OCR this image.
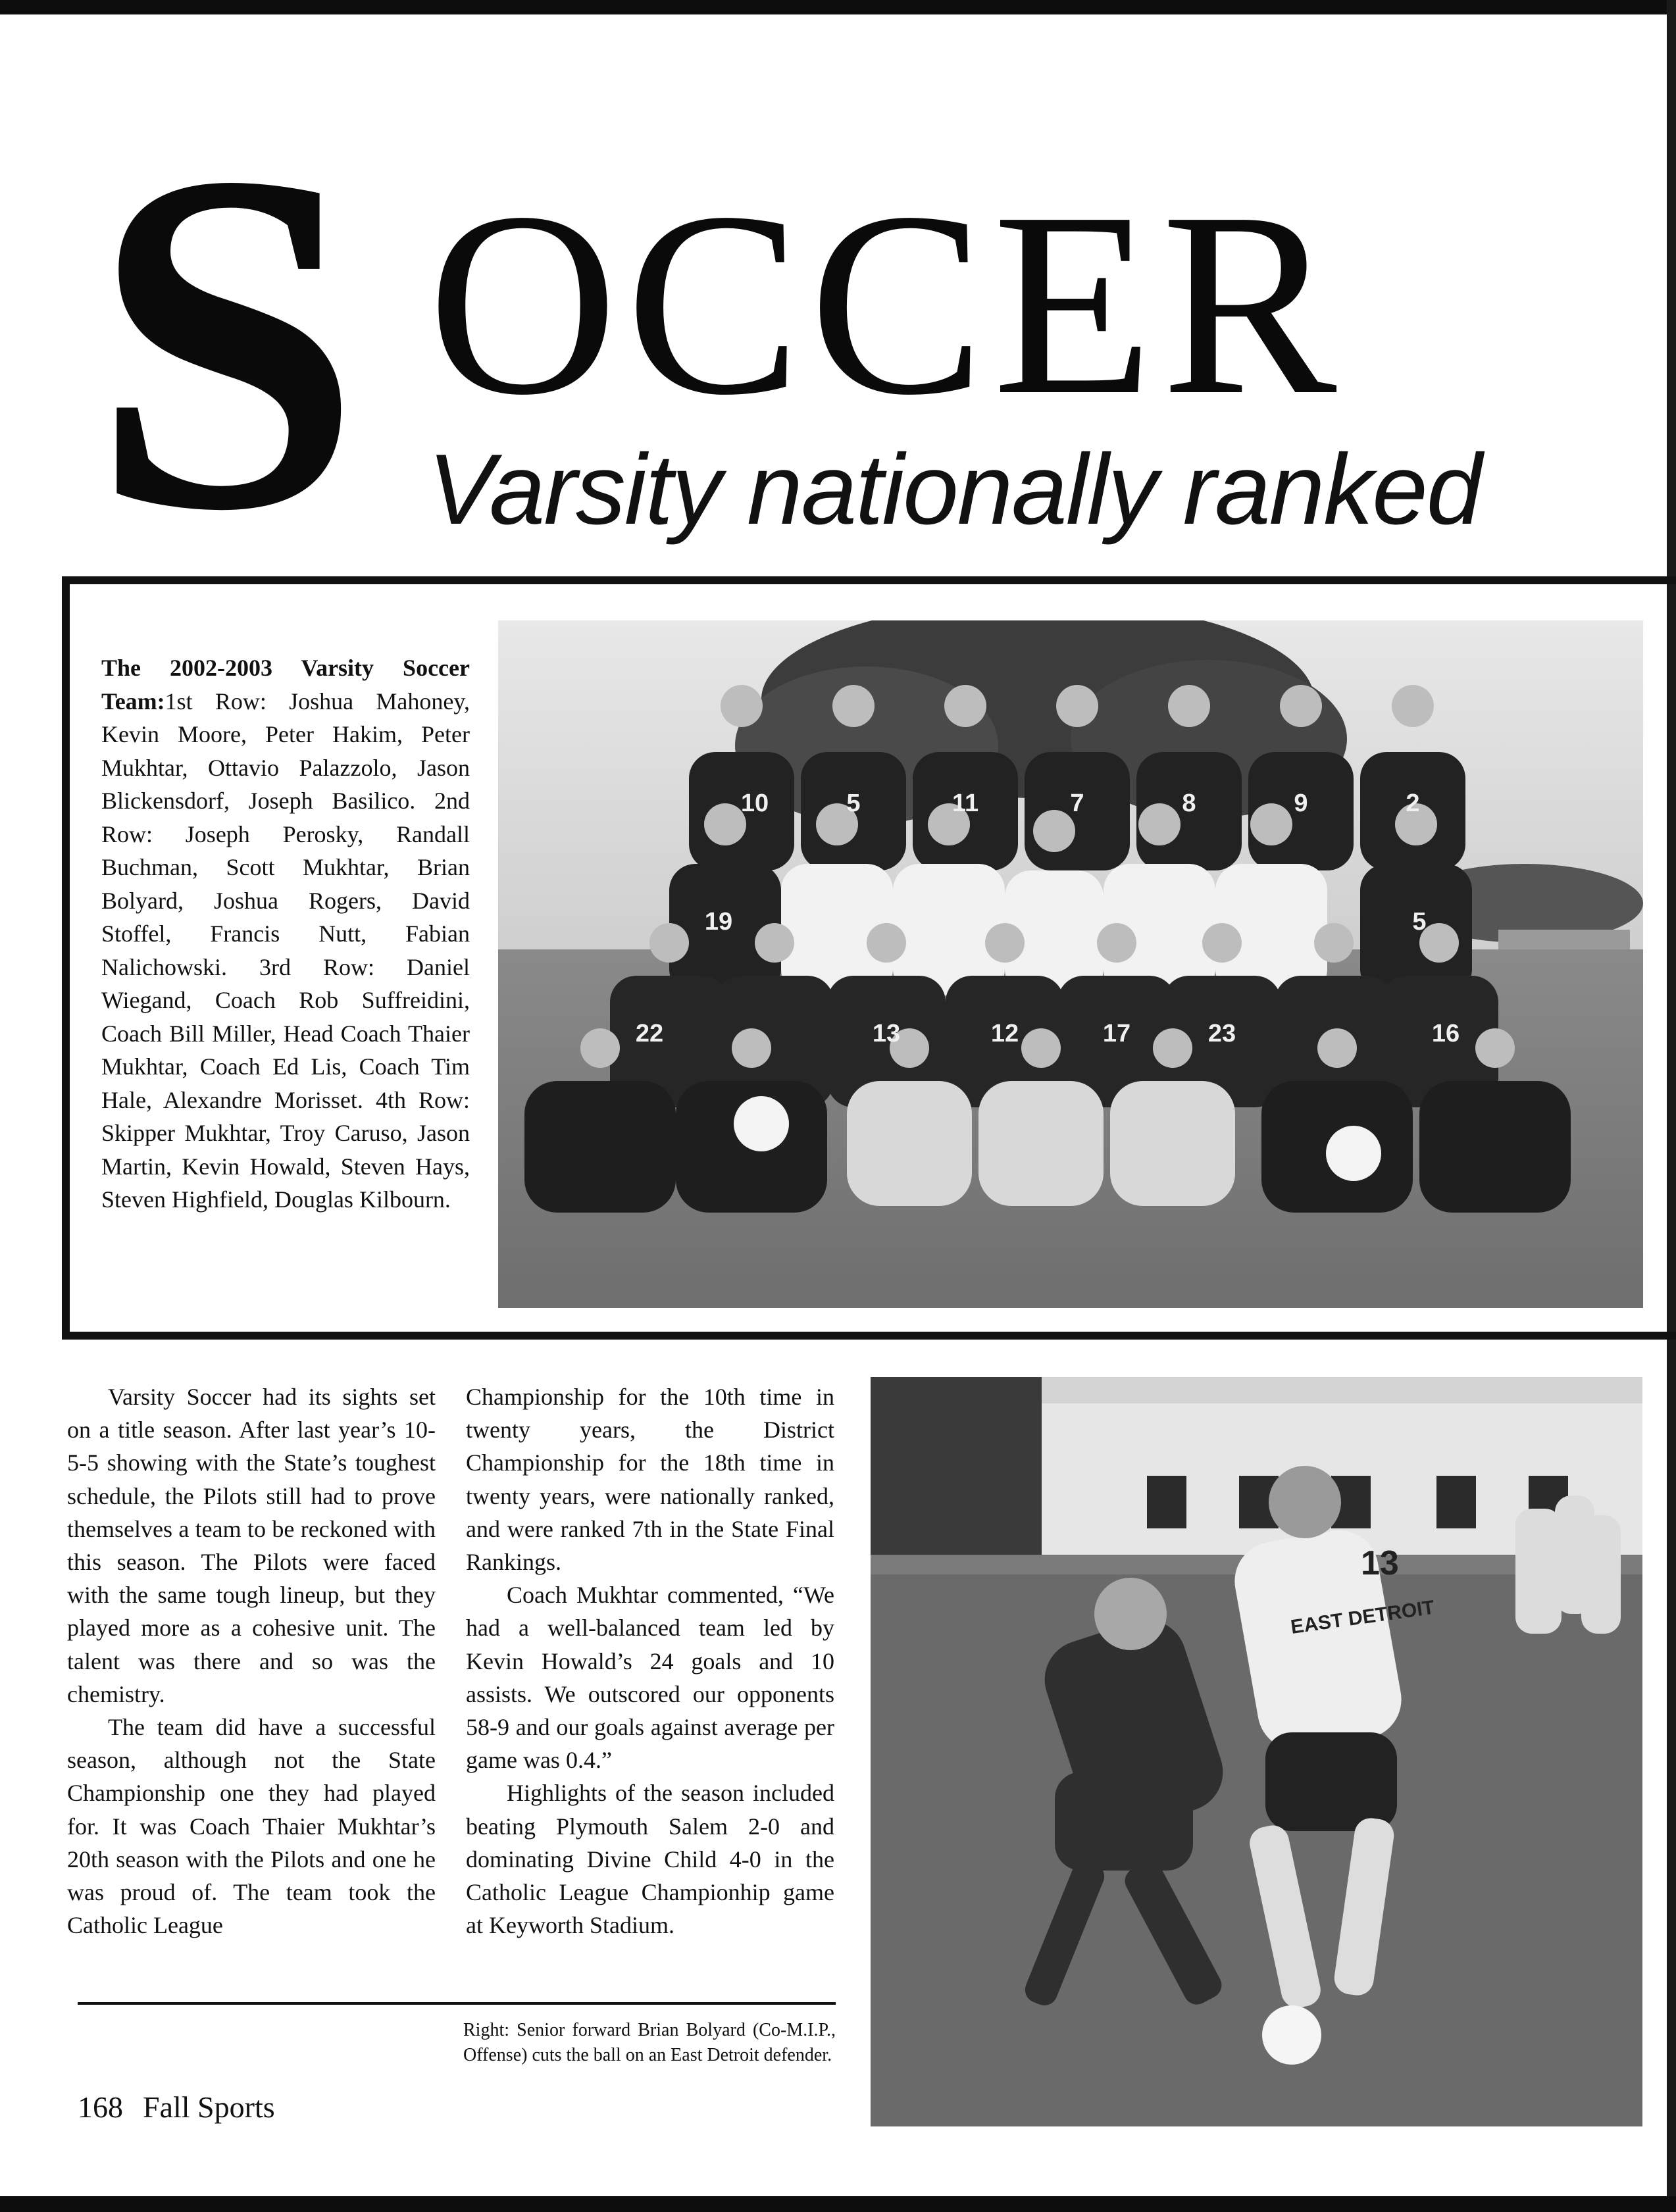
S OCCER
Varsity nationally ranked
The 2002-2003 Varsity Soccer Team:1st Row: Joshua Mahoney, Kevin Moore, Peter Hakim, Peter Mukhtar, Ottavio Palazzolo, Jason Blickensdorf, Joseph Basilico. 2nd Row: Joseph Perosky, Randall Buchman, Scott Mukhtar, Brian Bolyard, Joshua Rogers, David Stoffel, Francis Nutt, Fabian Nalichowski. 3rd Row: Daniel Wiegand, Coach Rob Suffreidini, Coach Bill Miller, Head Coach Thaier Mukhtar, Coach Ed Lis, Coach Tim Hale, Alexandre Morisset. 4th Row: Skipper Mukhtar, Troy Caruso, Jason Martin, Kevin Howald, Steven Hays, Steven Highfield, Douglas Kilbourn.
10	5	11	7	8	9	2
19	5
22	13	12	17	23	16

Varsity Soccer had its sights set on a title season. After last year’s 10-5-5 showing with the State’s toughest schedule, the Pilots still had to prove themselves a team to be reckoned with this season. The Pilots were faced with the same tough lineup, but they played more as a cohesive unit. The talent was there and so was the chemistry.

The team did have a successful season, although not the State Championship one they had played for. It was Coach Thaier Mukhtar’s 20th season with the Pilots and one he was proud of. The team took the Catholic League

Championship for the 10th time in twenty years, the District Championship for the 18th time in twenty years, were nationally ranked, and were ranked 7th in the State Final Rankings.

Coach Mukhtar commented, “We had a well-balanced team led by Kevin Howald’s 24 goals and 10 assists. We outscored our opponents 58-9 and our goals against average per game was 0.4.”

Highlights of the season included beating Plymouth Salem 2-0 and dominating Divine Child 4-0 in the Catholic League Championhip game at Keyworth Stadium.

13
EAST DETROIT
Right: Senior forward Brian Bolyard (Co-M.I.P., Offense) cuts the ball on an East Detroit defender.
168 Fall Sports
